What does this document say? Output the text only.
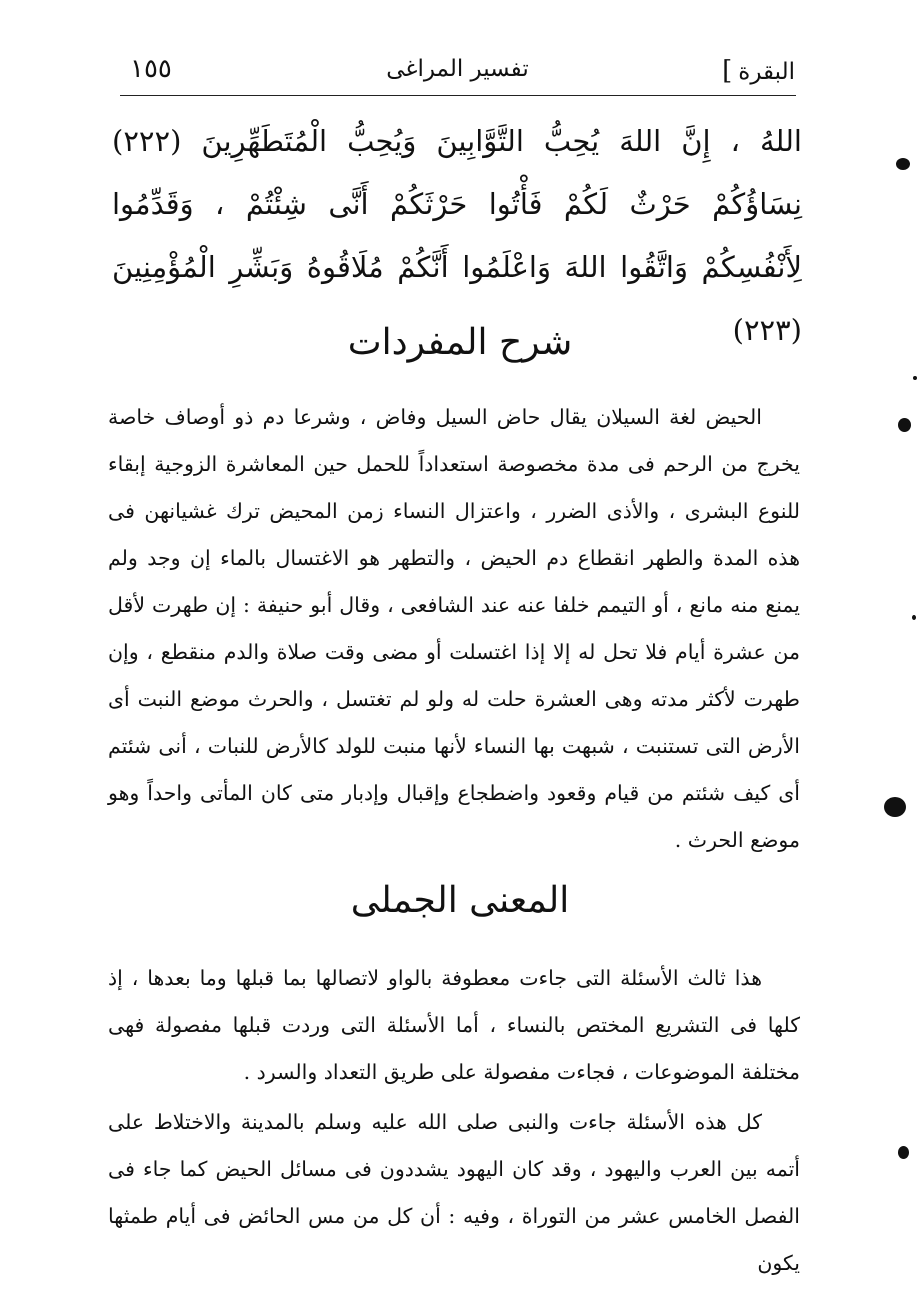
البقرة]
تفسير المراغى
١٥٥
اللهُ ، إِنَّ اللهَ يُحِبُّ التَّوَّابِينَ وَيُحِبُّ الْمُتَطَهِّرِينَ (٢٢٢) نِسَاؤُكُمْ حَرْثٌ لَكُمْ فَأْتُوا حَرْثَكُمْ أَنَّى شِئْتُمْ ، وَقَدِّمُوا لِأَنْفُسِكُمْ وَاتَّقُوا اللهَ وَاعْلَمُوا أَنَّكُمْ مُلَاقُوهُ وَبَشِّرِ الْمُؤْمِنِينَ (٢٢٣)
شرح المفردات
الحيض لغة السيلان يقال حاض السيل وفاض ، وشرعا دم ذو أوصاف خاصة يخرج من الرحم فى مدة مخصوصة استعداداً للحمل حين المعاشرة الزوجية إبقاء للنوع البشرى ، والأذى الضرر ، واعتزال النساء زمن المحيض ترك غشيانهن فى هذه المدة والطهر انقطاع دم الحيض ، والتطهر هو الاغتسال بالماء إن وجد ولم يمنع منه مانع ، أو التيمم خلفا عنه عند الشافعى ، وقال أبو حنيفة : إن طهرت لأقل من عشرة أيام فلا تحل له إلا إذا اغتسلت أو مضى وقت صلاة والدم منقطع ، وإن طهرت لأكثر مدته وهى العشرة حلت له ولو لم تغتسل ، والحرث موضع النبت أى الأرض التى تستنبت ، شبهت بها النساء لأنها منبت للولد كالأرض للنبات ، أنى شئتم أى كيف شئتم من قيام وقعود واضطجاع وإقبال وإدبار متى كان المأتى واحداً وهو موضع الحرث .
المعنى الجملى
هذا ثالث الأسئلة التى جاءت معطوفة بالواو لاتصالها بما قبلها وما بعدها ، إذ كلها فى التشريع المختص بالنساء ، أما الأسئلة التى وردت قبلها مفصولة فهى مختلفة الموضوعات ، فجاءت مفصولة على طريق التعداد والسرد .
كل هذه الأسئلة جاءت والنبى صلى الله عليه وسلم بالمدينة والاختلاط على أتمه بين العرب واليهود ، وقد كان اليهود يشددون فى مسائل الحيض كما جاء فى الفصل الخامس عشر من التوراة ، وفيه : أن كل من مس الحائض فى أيام طمثها يكون
